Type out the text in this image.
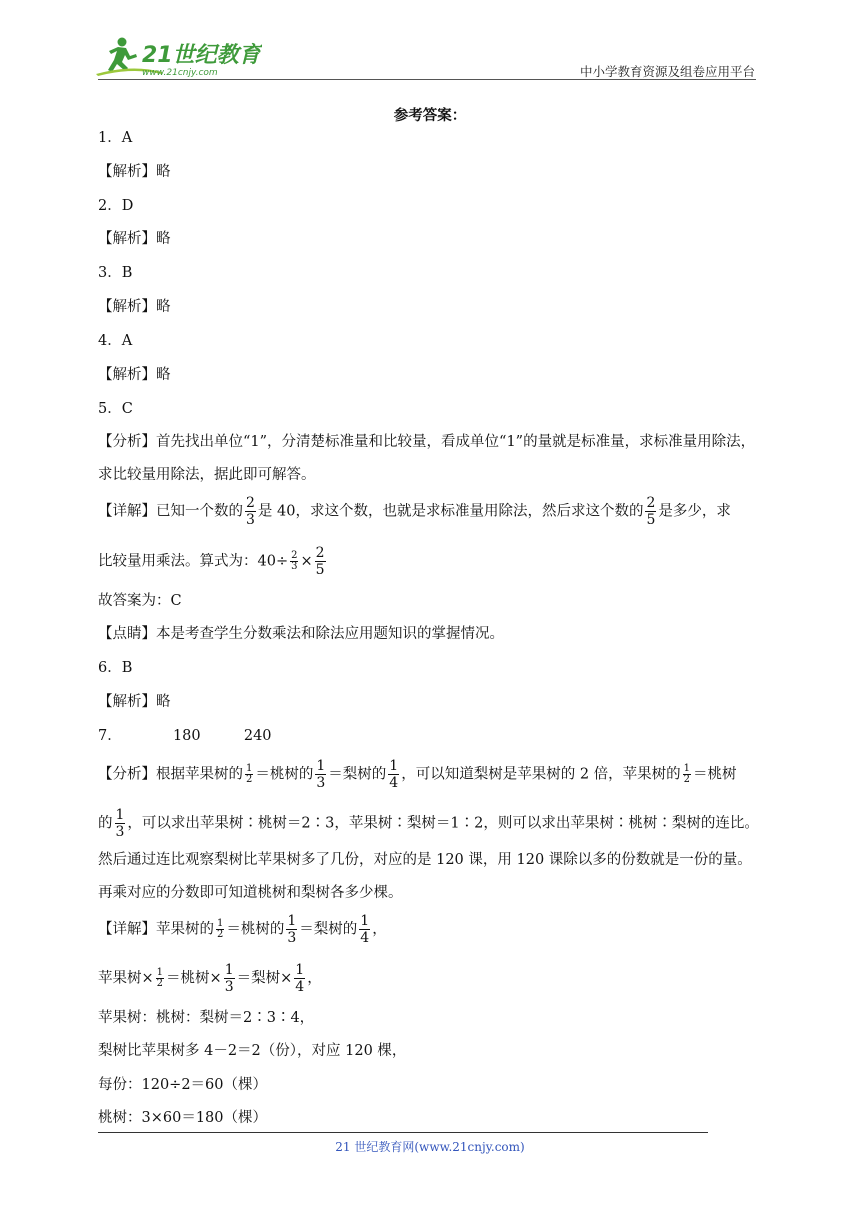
21世纪教育
www.21cnjy.com	中小学教育资源及组卷应用平台
参考答案：
1．A
【解析】略
2．D
【解析】略
3．B
【解析】略
4．A
【解析】略
5．C
【分析】首先找出单位“1”，分清楚标准量和比较量，看成单位“1”的量就是标准量，求标准量用除法，
求比较量用除法，据此即可解答。
【详解】已知一个数的 $\frac{2}{3}$ 是 40，求这个数，也就是求标准量用除法，然后求这个数的 $\frac{2}{5}$ 是多少，求
比较量用乘法。算式为：$40\div \frac{2}{3} \times \frac{2}{5}$
故答案为：C
【点睛】本是考查学生分数乘法和除法应用题知识的掌握情况。
6．B
【解析】略
7．	180	240
【分析】根据苹果树的 $\frac{1}{2}$ ＝桃树的 $\frac{1}{3}$ ＝梨树的 $\frac{1}{4}$ ，可以知道梨树是苹果树的 2 倍，苹果树的 $\frac{1}{2}$ ＝桃树
的 $\frac{1}{3}$ ，可以求出苹果树∶桃树＝2∶3，苹果树∶梨树＝1∶2，则可以求出苹果树∶桃树∶梨树的连比。
然后通过连比观察梨树比苹果树多了几份，对应的是 120 课，用 120 课除以多的份数就是一份的量。
再乘对应的分数即可知道桃树和梨树各多少棵。
【详解】苹果树的 $\frac{1}{2}$ ＝桃树的 $\frac{1}{3}$ ＝梨树的 $\frac{1}{4}$ ，
苹果树× $\frac{1}{2}$ ＝桃树× $\frac{1}{3}$ ＝梨树× $\frac{1}{4}$ ，
苹果树：桃树：梨树＝2∶3∶4，
梨树比苹果树多 4－2＝2（份），对应 120 棵，
每份：120÷2＝60（棵）
桃树：3×60＝180（棵）
21 世纪教育网(www.21cnjy.com)
